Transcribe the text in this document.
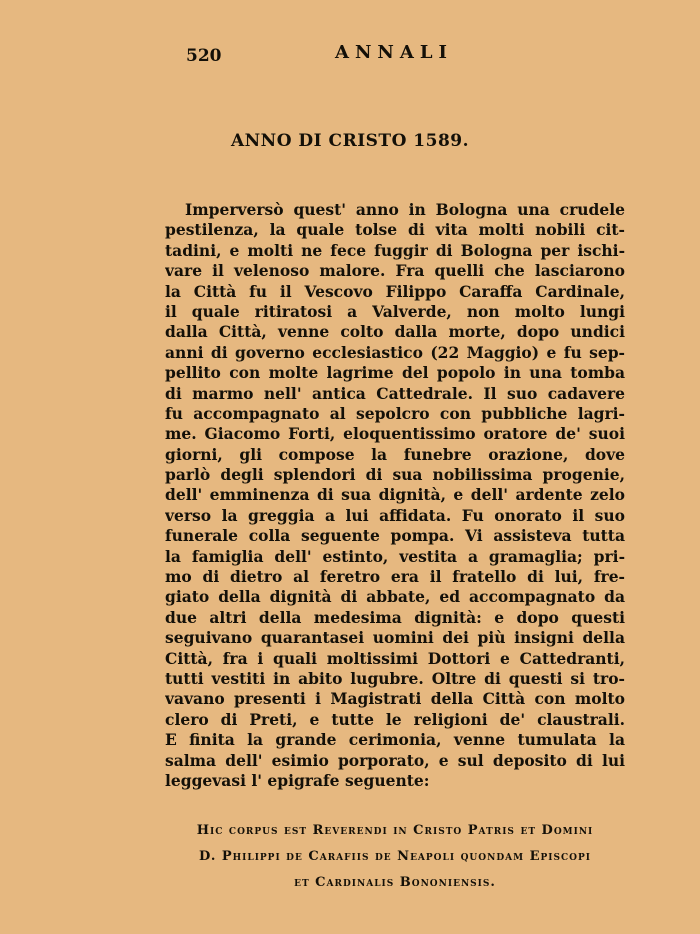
520	ANNALI
ANNO DI CRISTO 1589.
Imperversò quest' anno in Bologna una crudele
pestilenza, la quale tolse di vita molti nobili cit-
tadini, e molti ne fece fuggir di Bologna per ischi-
vare il velenoso malore. Fra quelli che lasciarono
la Città fu il Vescovo Filippo Caraffa Cardinale,
il quale ritiratosi a Valverde, non molto lungi
dalla Città, venne colto dalla morte, dopo undici
anni di governo ecclesiastico (22 Maggio) e fu sep-
pellito con molte lagrime del popolo in una tomba
di marmo nell' antica Cattedrale. Il suo cadavere
fu accompagnato al sepolcro con pubbliche lagri-
me. Giacomo Forti, eloquentissimo oratore de' suoi
giorni, gli compose la funebre orazione, dove
parlò degli splendori di sua nobilissima progenie,
dell' emminenza di sua dignità, e dell' ardente zelo
verso la greggia a lui affidata. Fu onorato il suo
funerale colla seguente pompa. Vi assisteva tutta
la famiglia dell' estinto, vestita a gramaglia; pri-
mo di dietro al feretro era il fratello di lui, fre-
giato della dignità di abbate, ed accompagnato da
due altri della medesima dignità: e dopo questi
seguivano quarantasei uomini dei più insigni della
Città, fra i quali moltissimi Dottori e Cattedranti,
tutti vestiti in abito lugubre. Oltre di questi si tro-
vavano presenti i Magistrati della Città con molto
clero di Preti, e tutte le religioni de' claustrali.
E finita la grande cerimonia, venne tumulata la
salma dell' esimio porporato, e sul deposito di lui
leggevasi l' epigrafe seguente:
Hic corpus est Reverendi in Cristo Patris et Domini
D. Philippi de Carafiis de Neapoli quondam Episcopi
et Cardinalis Bononiensis.
